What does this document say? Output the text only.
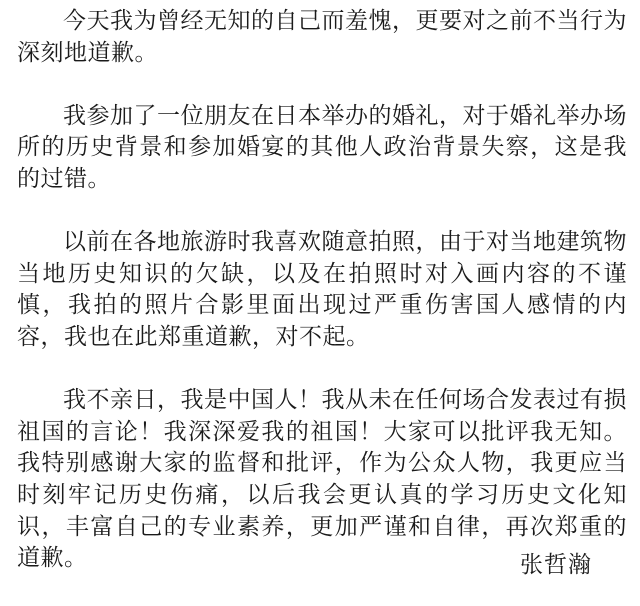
今天我为曾经无知的自己而羞愧，更要对之前不当行为深刻地道歉。

我参加了一位朋友在日本举办的婚礼，对于婚礼举办场所的历史背景和参加婚宴的其他人政治背景失察，这是我的过错。

以前在各地旅游时我喜欢随意拍照，由于对当地建筑物当地历史知识的欠缺，以及在拍照时对入画内容的不谨慎，我拍的照片合影里面出现过严重伤害国人感情的内容，我也在此郑重道歉，对不起。

我不亲日，我是中国人！我从未在任何场合发表过有损祖国的言论！我深深爱我的祖国！大家可以批评我无知。我特别感谢大家的监督和批评，作为公众人物，我更应当时刻牢记历史伤痛，以后我会更认真的学习历史文化知识，丰富自己的专业素养，更加严谨和自律，再次郑重的道歉。	张哲瀚
